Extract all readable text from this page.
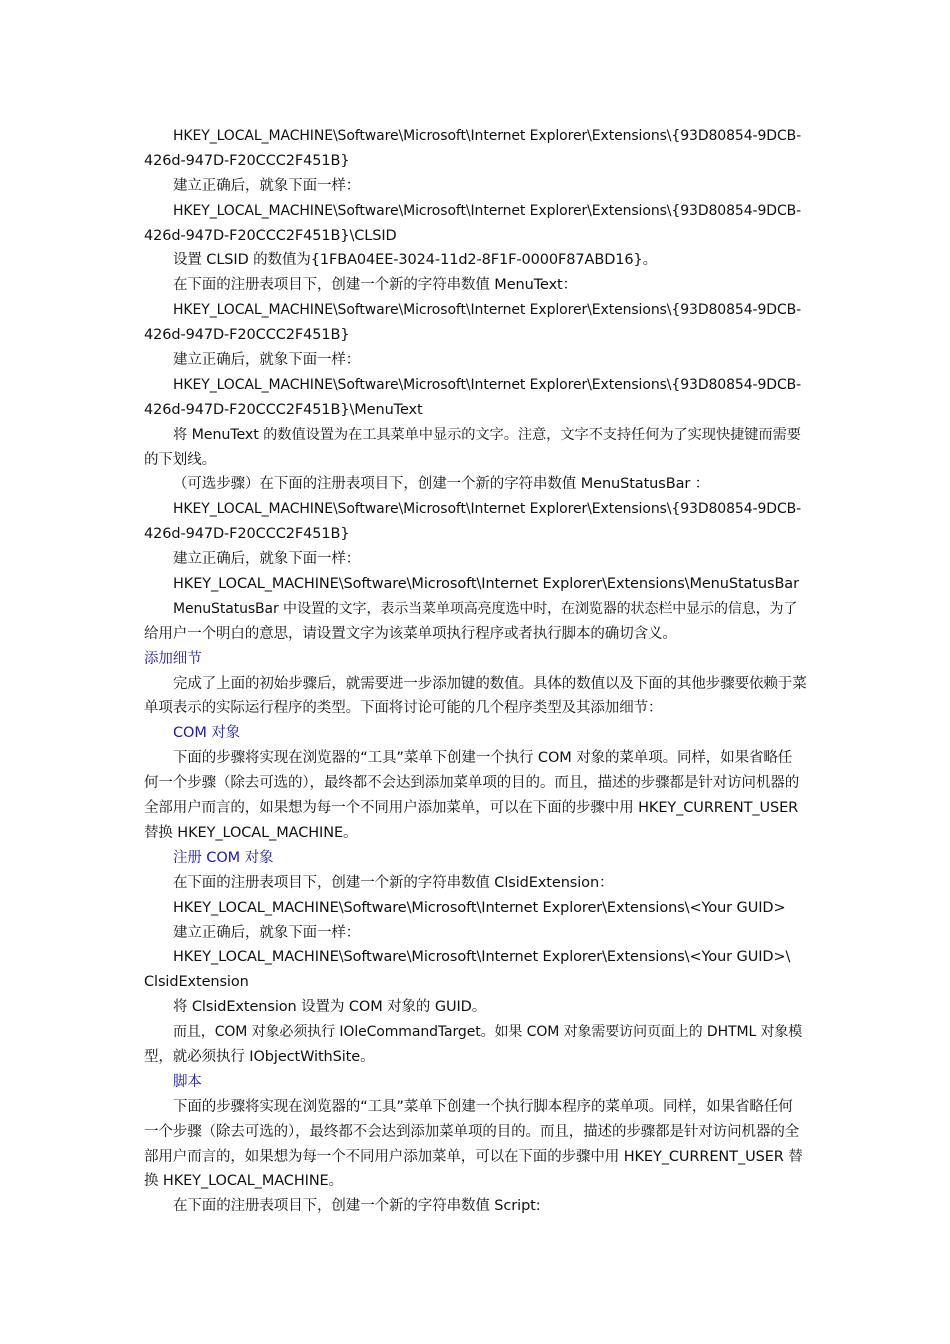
HKEY_LOCAL_MACHINE\Software\Microsoft\Internet Explorer\Extensions\{93D80854-9DCB-
426d-947D-F20CCC2F451B}
建立正确后，就象下面一样：
HKEY_LOCAL_MACHINE\Software\Microsoft\Internet Explorer\Extensions\{93D80854-9DCB-
426d-947D-F20CCC2F451B}\CLSID
设置 CLSID 的数值为{1FBA04EE-3024-11d2-8F1F-0000F87ABD16}。
在下面的注册表项目下，创建一个新的字符串数值 MenuText：
HKEY_LOCAL_MACHINE\Software\Microsoft\Internet Explorer\Extensions\{93D80854-9DCB-
426d-947D-F20CCC2F451B}
建立正确后，就象下面一样：
HKEY_LOCAL_MACHINE\Software\Microsoft\Internet Explorer\Extensions\{93D80854-9DCB-
426d-947D-F20CCC2F451B}\MenuText
将 MenuText 的数值设置为在工具菜单中显示的文字。注意，文字不支持任何为了实现快捷键而需要
的下划线。
（可选步骤）在下面的注册表项目下，创建一个新的字符串数值 MenuStatusBar ：
HKEY_LOCAL_MACHINE\Software\Microsoft\Internet Explorer\Extensions\{93D80854-9DCB-
426d-947D-F20CCC2F451B}
建立正确后，就象下面一样：
HKEY_LOCAL_MACHINE\Software\Microsoft\Internet Explorer\Extensions\MenuStatusBar
MenuStatusBar 中设置的文字，表示当菜单项高亮度选中时，在浏览器的状态栏中显示的信息，为了
给用户一个明白的意思，请设置文字为该菜单项执行程序或者执行脚本的确切含义。
添加细节
完成了上面的初始步骤后，就需要进一步添加键的数值。具体的数值以及下面的其他步骤要依赖于菜
单项表示的实际运行程序的类型。下面将讨论可能的几个程序类型及其添加细节：
COM 对象
下面的步骤将实现在浏览器的“工具”菜单下创建一个执行 COM 对象的菜单项。同样，如果省略任
何一个步骤（除去可选的），最终都不会达到添加菜单项的目的。而且，描述的步骤都是针对访问机器的
全部用户而言的，如果想为每一个不同用户添加菜单，可以在下面的步骤中用 HKEY_CURRENT_USER
替换 HKEY_LOCAL_MACHINE。
注册 COM 对象
在下面的注册表项目下，创建一个新的字符串数值 ClsidExtension：
HKEY_LOCAL_MACHINE\Software\Microsoft\Internet Explorer\Extensions\<Your GUID>
建立正确后，就象下面一样：
HKEY_LOCAL_MACHINE\Software\Microsoft\Internet Explorer\Extensions\<Your GUID>\
ClsidExtension
将 ClsidExtension 设置为 COM 对象的 GUID。
而且，COM 对象必须执行 IOleCommandTarget。如果 COM 对象需要访问页面上的 DHTML 对象模
型，就必须执行 IObjectWithSite。
脚本
下面的步骤将实现在浏览器的“工具”菜单下创建一个执行脚本程序的菜单项。同样，如果省略任何
一个步骤（除去可选的），最终都不会达到添加菜单项的目的。而且，描述的步骤都是针对访问机器的全
部用户而言的，如果想为每一个不同用户添加菜单，可以在下面的步骤中用 HKEY_CURRENT_USER 替
换 HKEY_LOCAL_MACHINE。
在下面的注册表项目下，创建一个新的字符串数值 Script:
